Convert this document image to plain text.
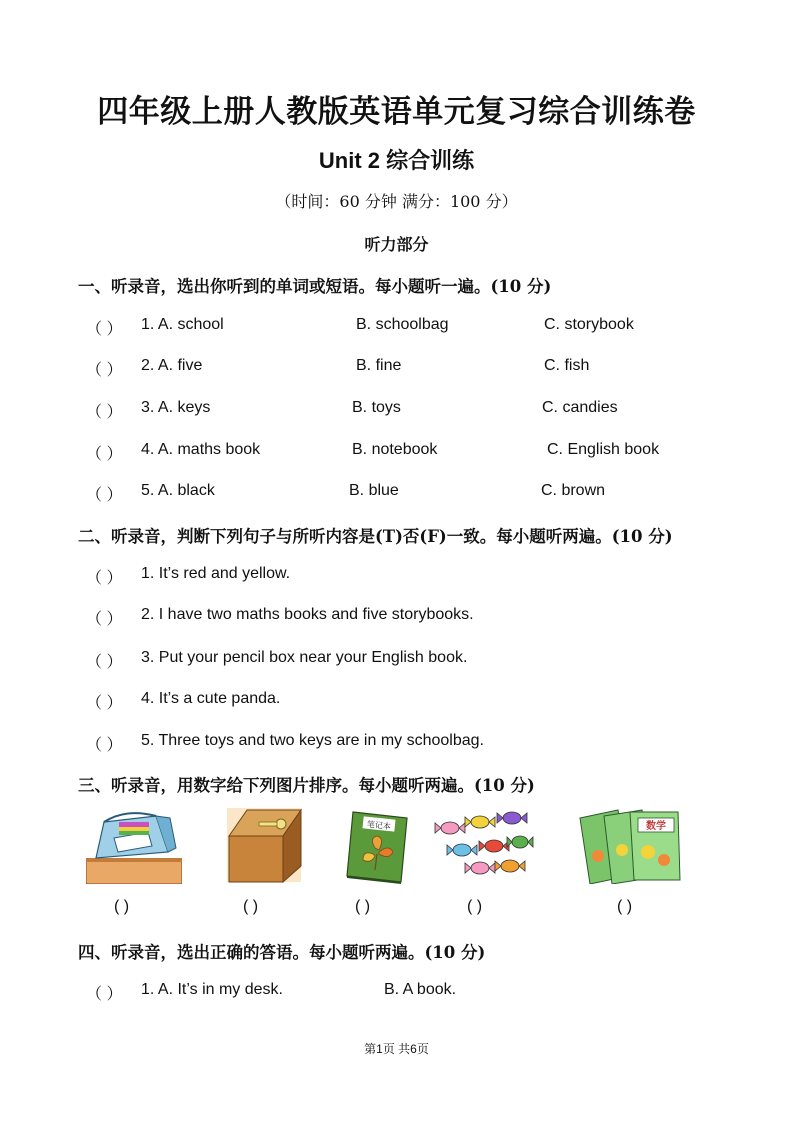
四年级上册人教版英语单元复习综合训练卷
Unit 2 综合训练
（时间：60 分钟 满分：100 分）
听力部分
一、听录音，选出你听到的单词或短语。每小题听一遍。(10 分)
（ ） 1. A. school	B. schoolbag	C. storybook
（ ） 2. A. five	B. fine	C. fish
（ ） 3. A. keys	B. toys	C. candies
（ ） 4. A. maths book	B. notebook	C. English book
（ ） 5. A. black	B. blue	C. brown
二、听录音，判断下列句子与所听内容是(T)否(F)一致。每小题听两遍。(10 分)
（ ） 1. It’s red and yellow.
（ ） 2. I have two maths books and five storybooks.
（ ） 3. Put your pencil box near your English book.
（ ） 4. It’s a cute panda.
（ ） 5. Three toys and two keys are in my schoolbag.
三、听录音，用数字给下列图片排序。每小题听两遍。(10 分)
笔记本	数学
( )	( )	( )	( )	( )
四、听录音，选出正确的答语。每小题听两遍。(10 分)
（ ） 1. A. It’s in my desk.	B. A book.
第1页 共6页
